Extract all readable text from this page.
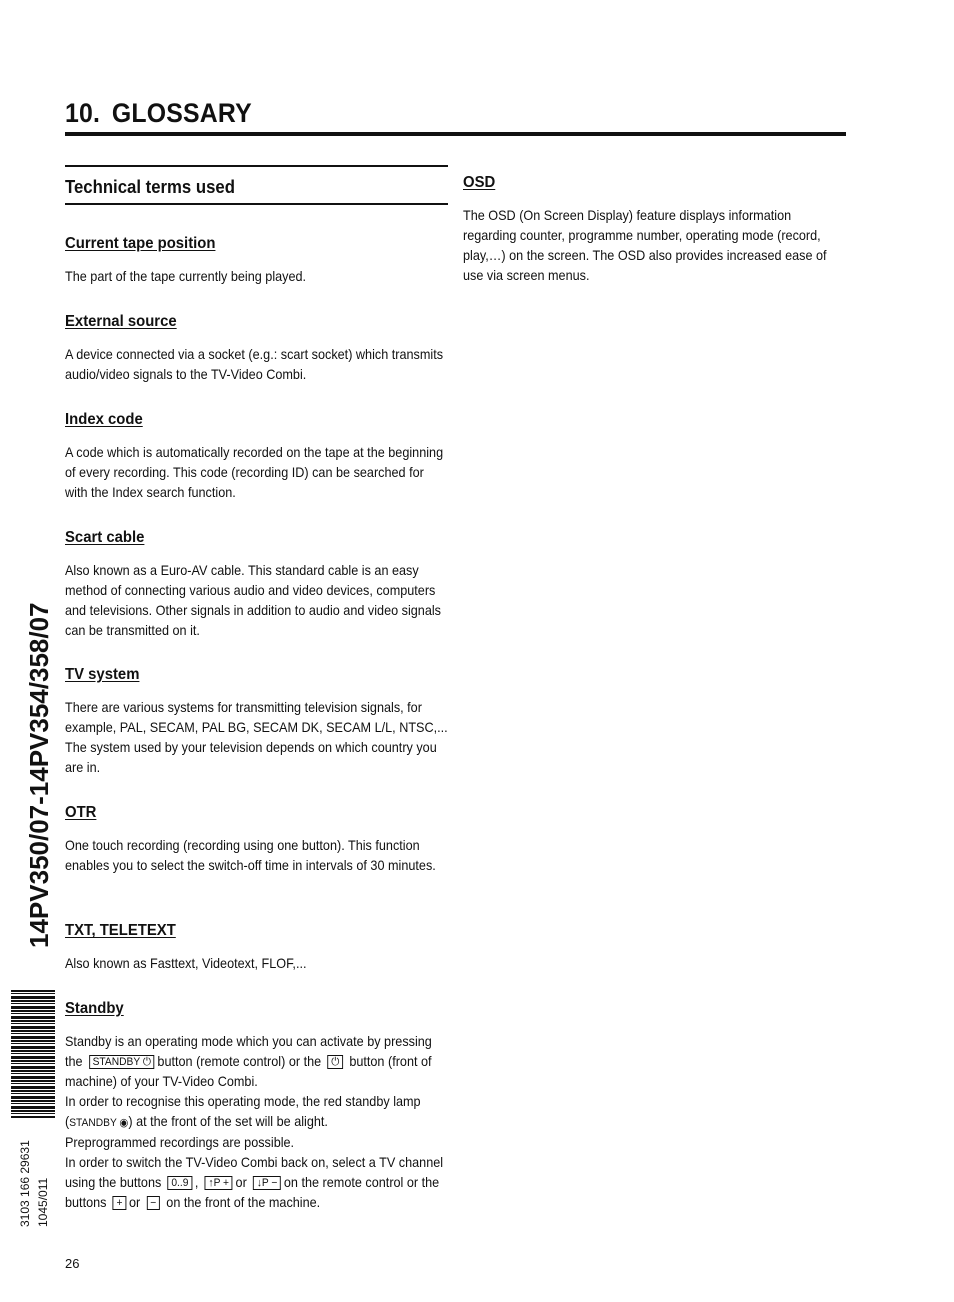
10. GLOSSARY
Technical terms used

Current tape position

The part of the tape currently being played.

External source

A device connected via a socket (e.g.: scart socket) which transmits audio/video signals to the TV-Video Combi.

Index code

A code which is automatically recorded on the tape at the beginning of every recording. This code (recording ID) can be searched for with the Index search function.

Scart cable

Also known as a Euro-AV cable. This standard cable is an easy method of connecting various audio and video devices, computers and televisions. Other signals in addition to audio and video signals can be transmitted on it.

TV system

There are various systems for transmitting television signals, for example, PAL, SECAM, PAL BG, SECAM DK, SECAM L/L, NTSC,... The system used by your television depends on which country you are in.

OTR

One touch recording (recording using one button). This function enables you to select the switch-off time in intervals of 30 minutes.

TXT, TELETEXT

Also known as Fasttext, Videotext, FLOF,...

Standby

Standby is an operating mode which you can activate by pressing the STANDBY ⏻ button (remote control) or the ⏻ button (front of machine) of your TV-Video Combi.
In order to recognise this operating mode, the red standby lamp (STANDBY ◉) at the front of the set will be alight.
Preprogrammed recordings are possible.
In order to switch the TV-Video Combi back on, select a TV channel using the buttons 0..9 , ↑P + or ↓P − on the remote control or the buttons + or − on the front of the machine.

OSD

The OSD (On Screen Display) feature displays information regarding counter, programme number, operating mode (record, play,…) on the screen. The OSD also provides increased ease of use via screen menus.

14PV350/07-14PV354/358/07
3103 166 29631 1045/011
26
